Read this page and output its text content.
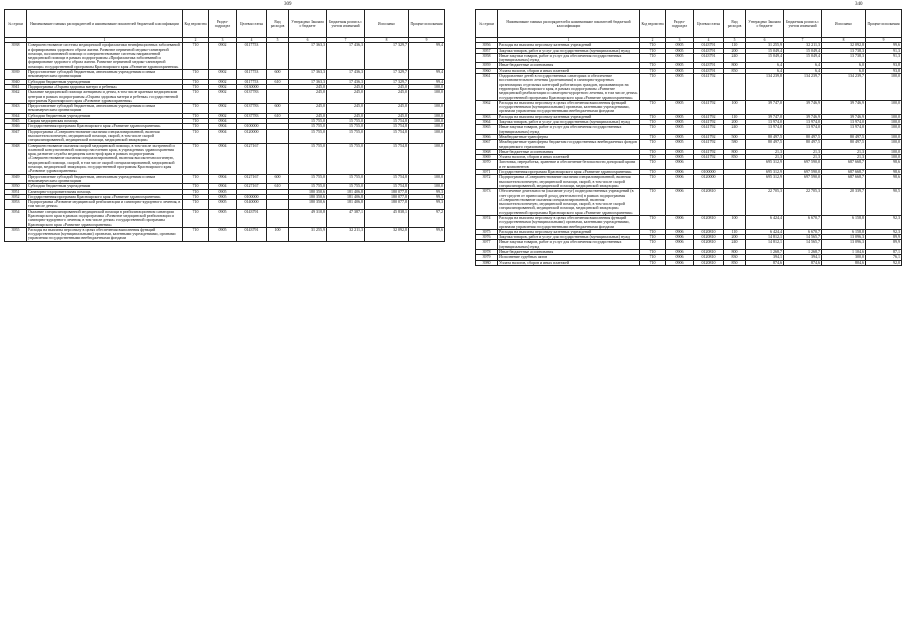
309
№ строки	Наименование главных распорядителей и наименование показателей бюджетной классификации	Код ведомства	Раздел-подраздел	Целевая статья	Вид расходов	Утверждено Законом о бюджете	Бюджетная роспись с учетом изменений	Исполнено	Процент исполнения
	1	2	3	4	5	6	7	8	9
3938	Совершенствование системы медицинской профилактики неинфекционных заболеваний и формирования здорового образа жизни. Развитие первичной медико-санитарной помощи, паллиативной помощи и совершенствование системы направленной медицинской помощи в рамках подпрограммы «Профилактика заболеваний и формирование здорового образа жизни. Развитие первичной медико-санитарной помощи» государственной программы Красноярского края «Развитие здравоохранения»	710	0902	0117753		17 363,3	17 436,3	17 329,7	99,4
3939	Предоставление субсидий бюджетным, автономным учреждениям и иным некоммерческим организациям	710	0902	0117753	600	17 363,3	17 436,3	17 329,7	99,4
3940	Субсидии бюджетным учреждениям	710	0902	0117753	610	17 363,3	17 436,3	17 329,7	99,4
3941	Подпрограмма «Охрана здоровья матери и ребенка»	710	0902	0130000		245,0	245,0	245,0	100,0
3942	Оказание медицинской помощи женщинам и детям, в том числе краевым медицинским центрам в рамках подпрограммы «Охрана здоровья матери и ребенка» государственной программы Красноярского края «Развитие здравоохранения»	710	0902	0137783		245,0	245,0	245,0	100,0
3943	Предоставление субсидий бюджетным, автономным учреждениям и иным некоммерческим организациям	710	0902	0137783	600	245,0	245,0	245,0	100,0
3944	Субсидии бюджетным учреждениям	710	0902	0137783	610	245,0	245,0	245,0	100,0
3945	Скорая медицинская помощь	710	0904			15 755,0	15 755,0	15 754,8	100,0
3946	Государственная программа Красноярского края «Развитие здравоохранения»	710	0904	0100000		15 755,0	15 755,0	15 754,8	100,0
3947	Подпрограмма «Совершенствование оказания специализированной, включая высокотехнологичную, медицинской помощи, скорой, в том числе скорой специализированной, медицинской помощи, медицинской эвакуации»	710	0904	0120000		15 755,0	15 755,0	15 754,8	100,0
3948	Совершенствование оказания скорой медицинской помощи, в том числе экстренной и плановой консультативной помощи населению края, в учреждениях здравоохранения края, развитие службы медицины катастроф края в рамках подпрограммы «Совершенствование оказания специализированной, включая высокотехнологичную, медицинской помощи, скорой, в том числе скорой специализированной, медицинской помощи, медицинской эвакуации» государственной программы Красноярского края «Развитие здравоохранения»	710	0904	0127167		15 755,0	15 755,0	15 754,8	100,0
3949	Предоставление субсидий бюджетным, автономным учреждениям и иным некоммерческим организациям	710	0904	0127167	600	15 755,0	15 755,0	15 754,8	100,0
3950	Субсидии бюджетным учреждениям	710	0904	0127167	610	15 755,0	15 755,0	15 754,8	100,0
3951	Санаторно-оздоровительная помощь	710	0905			180 350,6	181 406,8	180 077,8	99,3
3952	Государственная программа Красноярского края «Развитие здравоохранения»	710	0905	0100000		180 350,6	181 406,8	180 077,8	99,3
3953	Подпрограмма «Развитие медицинской реабилитации и санаторно-курортного лечения, в том числе детям»	710	0905	0140000		180 350,6	181 406,8	180 077,8	99,3
3954	Оказание специализированной медицинской помощи в реабилитационном санатории Красноярского края в рамках подпрограммы «Развитие медицинской реабилитации и санаторно-курортного лечения, в том числе детям» государственной программы Красноярского края «Развитие здравоохранения»	710	0905	0143791		49 310,8	47 387,1	45 838,1	97,2
3955	Расходы на выплаты персоналу в целях обеспечения выполнения функций государственными (муниципальными) органами, казенными учреждениями, органами управления государственными внебюджетными фондами	710	0905	0143791	100	31 255,9	32 211,3	32 092,8	99,6
340
№ строки	Наименование главных распорядителей и наименование показателей бюджетной классификации	Код ведомства	Раздел-подраздел	Целевая статья	Вид расходов	Утверждено Законом о бюджете	Бюджетная роспись с учетом изменений	Исполнено	Процент исполнения
	1	2	3	4	5	6	7	8	9
3956	Расходы на выплаты персоналу казенных учреждений	710	0905	0143791	110	31 255,9	32 211,3	32 092,8	99,6
3957	Закупка товаров, работ и услуг для государственных (муниципальных) нужд	710	0905	0143791	200	15 049,4	15 049,4	13 738,3	91,3
3958	Иные закупки товаров, работ и услуг для обеспечения государственных (муниципальных) нужд	710	0905	0143791	240	15 049,4	15 049,4	13 738,3	91,3
3959	Иные бюджетные ассигнования	710	0905	0143791	800	6,4	6,4	6,0	93,8
3960	Уплата налогов, сборов и иных платежей	710	0905	0143791	850	6,4	6,4	6,0	93,8
3961	Оздоровление детей в государственных санаториях и обеспечение восстановительного лечения (долечивания) в санаторно-курортных организациях отдельных категорий работающих граждан, проживающих на территории Красноярского края, в рамках подпрограммы «Развитие медицинской реабилитации и санаторно-курортного лечения, в том числе детям» государственной программы Красноярского края «Развитие здравоохранения»	710	0905	0141792		134 239,8	134 239,7	134 239,7	100,0
3962	Расходы на выплаты персоналу в целях обеспечения выполнения функций государственными (муниципальными) органами, казенными учреждениями, органами управления государственными внебюджетными фондами	710	0905	0141792	100	39 747,0	39 746,9	39 746,9	100,0
3963	Расходы на выплаты персоналу казенных учреждений	710	0905	0141792	110	39 747,0	39 746,9	39 746,9	100,0
3964	Закупка товаров, работ и услуг для государственных (муниципальных) нужд	710	0905	0141792	200	13 974,0	13 974,0	13 974,0	100,0
3965	Иные закупки товаров, работ и услуг для обеспечения государственных (муниципальных) нужд	710	0905	0141792	240	13 974,0	13 974,0	13 974,0	100,0
3966	Межбюджетные трансферты	710	0905	0141792	500	80 497,5	80 497,5	80 497,5	100,0
3967	Межбюджетные трансферты бюджетам государственных внебюджетных фондов медицинского страхования	710	0905	0141792	580	80 497,5	80 497,5	80 497,5	100,0
3968	Иные бюджетные ассигнования	710	0905	0141792	800	21,3	21,3	21,3	100,0
3969	Уплата налогов, сборов и иных платежей	710	0905	0141792	850	21,3	21,3	21,3	100,0
3970	Заготовка, переработка, хранение и обеспечение безопасности донорской крови и ее компонентов	710	0906			695 312,9	697 590,0	687 668,7	98,6
3971	Государственная программа Красноярского края «Развитие здравоохранения»	710	0906	0100000		695 312,9	697 590,0	687 668,7	98,6
3972	Подпрограмма «Совершенствование оказания специализированной, включая высокотехнологичную, медицинской помощи, скорой, в том числе скорой специализированной, медицинской помощи, медицинской эвакуации»	710	0906	0120000		695 312,9	697 590,0	687 668,7	98,6
3973	Обеспечение деятельности (оказание услуг) подведомственных учреждений (в счет средств от приносящей доход деятельности) в рамках подпрограммы «Совершенствование оказания специализированной, включая высокотехнологичную, медицинской помощи, скорой, в том числе скорой специализированной, медицинской помощи, медицинской эвакуации» государственной программы Красноярского края «Развитие здравоохранения»	710	0906	0120810		22 705,3	22 705,3	20 339,7	90,5
3974	Расходы на выплаты персоналу в целях обеспечения выполнения функций государственными (муниципальными) органами, казенными учреждениями, органами управления государственными внебюджетными фондами	710	0906	0120810	100	6 424,4	6 670,7	6 158,8	92,3
3975	Расходы на выплаты персоналу казенных учреждений	710	0906	0120810	110	6 424,4	6 670,7	6 158,8	92,3
3976	Закупка товаров, работ и услуг для государственных (муниципальных) нужд	710	0906	0120810	200	14 812,1	14 565,7	13 096,3	89,9
3977	Иные закупки товаров, работ и услуг для обеспечения государственных (муниципальных) нужд	710	0906	0120810	240	14 812,1	14 565,7	13 096,3	89,9
3978	Иные бюджетные ассигнования	710	0906	0120810	800	1 268,7	1 268,7	1 104,6	87,1
3979	Исполнение судебных актов	710	0906	0120810	830	394,1	394,1	300,0	76,1
3980	Уплата налогов, сборов и иных платежей	710	0906	0120810	850	874,6	874,6	804,6	92,0
